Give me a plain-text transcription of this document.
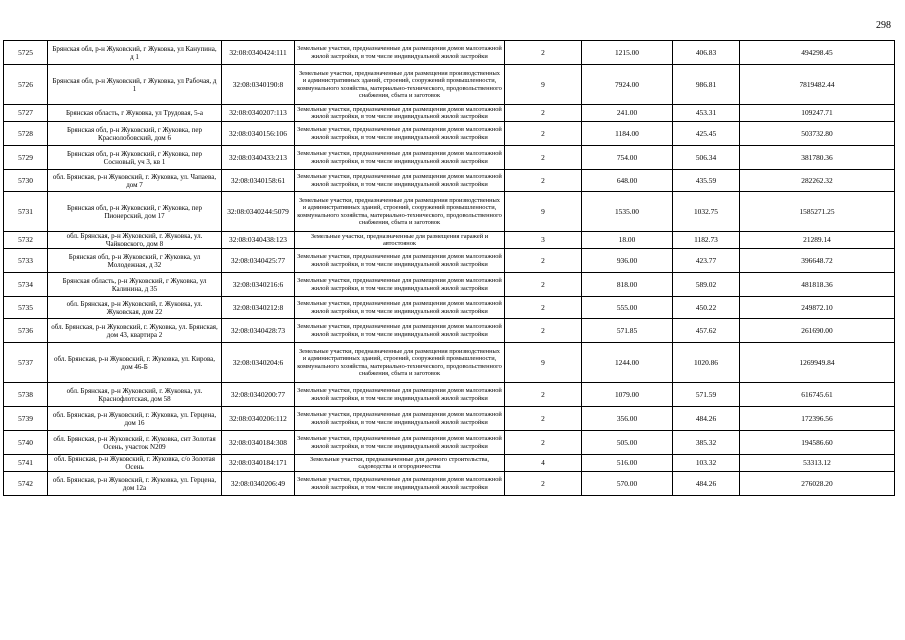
298
5725	Брянская обл, р-н Жуковский, г Жуковка, ул Канупина, д 1	32:08:0340424:111	Земельные участки, предназначенные для размещения домов малоэтажной жилой застройки, в том числе индивидуальной жилой застройки	2	1215.00	406.83	494298.45
5726	Брянская обл, р-н Жуковский, г Жуковка, ул Рабочая, д 1	32:08:0340190:8	Земельные участки, предназначенные для размещения производственных и административных зданий, строений, сооружений промышленности, коммунального хозяйства, материально-технического, продовольственного снабжения, сбыта и заготовок	9	7924.00	986.81	7819482.44
5727	Брянская область, г Жуковка, ул Трудовая, 5-а	32:08:0340207:113	Земельные участки, предназначенные для размещения домов малоэтажной жилой застройки, в том числе индивидуальной жилой застройки	2	241.00	453.31	109247.71
5728	Брянская обл, р-н Жуковский, г Жуковка, пер Краснолобовский, дом 6	32:08:0340156:106	Земельные участки, предназначенные для размещения домов малоэтажной жилой застройки, в том числе индивидуальной жилой застройки	2	1184.00	425.45	503732.80
5729	Брянская обл, р-н Жуковский, г Жуковка, пер Сосновый, уч 3, кв 1	32:08:0340433:213	Земельные участки, предназначенные для размещения домов малоэтажной жилой застройки, в том числе индивидуальной жилой застройки	2	754.00	506.34	381780.36
5730	обл. Брянская, р-н Жуковский, г. Жуковка, ул. Чапаева, дом 7	32:08:0340158:61	Земельные участки, предназначенные для размещения домов малоэтажной жилой застройки, в том числе индивидуальной жилой застройки	2	648.00	435.59	282262.32
5731	Брянская обл, р-н Жуковский, г Жуковка, пер Пионерский, дом 17	32:08:0340244:5079	Земельные участки, предназначенные для размещения производственных и административных зданий, строений, сооружений промышленности, коммунального хозяйства, материально-технического, продовольственного снабжения, сбыта и заготовок	9	1535.00	1032.75	1585271.25
5732	обл. Брянская, р-н Жуковский, г. Жуковка, ул. Чайковского, дом 8	32:08:0340438:123	Земельные участки, предназначенные для размещения гаражей и автостоянок	3	18.00	1182.73	21289.14
5733	Брянская обл, р-н Жуковский, г Жуковка, ул Молодежная, д 32	32:08:0340425:77	Земельные участки, предназначенные для размещения домов малоэтажной жилой застройки, в том числе индивидуальной жилой застройки	2	936.00	423.77	396648.72
5734	Брянская область, р-н Жуковский, г Жуковка, ул Калинина, д 35	32:08:0340216:6	Земельные участки, предназначенные для размещения домов малоэтажной жилой застройки, в том числе индивидуальной жилой застройки	2	818.00	589.02	481818.36
5735	обл. Брянская, р-н Жуковский, г. Жуковка, ул. Жуковская, дом 22	32:08:0340212:8	Земельные участки, предназначенные для размещения домов малоэтажной жилой застройки, в том числе индивидуальной жилой застройки	2	555.00	450.22	249872.10
5736	обл. Брянская, р-н Жуковский, г. Жуковка, ул. Брянская, дом 43, квартира 2	32:08:0340428:73	Земельные участки, предназначенные для размещения домов малоэтажной жилой застройки, в том числе индивидуальной жилой застройки	2	571.85	457.62	261690.00
5737	обл. Брянская, р-н Жуковский, г. Жуковка, ул. Кирова, дом 46-Б	32:08:0340204:6	Земельные участки, предназначенные для размещения производственных и административных зданий, строений, сооружений промышленности, коммунального хозяйства, материально-технического, продовольственного снабжения, сбыта и заготовок	9	1244.00	1020.86	1269949.84
5738	обл. Брянская, р-н Жуковский, г. Жуковка, ул. Краснофлотская, дом 58	32:08:0340200:77	Земельные участки, предназначенные для размещения домов малоэтажной жилой застройки, в том числе индивидуальной жилой застройки	2	1079.00	571.59	616745.61
5739	обл. Брянская, р-н Жуковский, г. Жуковка, ул. Герцена, дом 16	32:08:0340206:112	Земельные участки, предназначенные для размещения домов малоэтажной жилой застройки, в том числе индивидуальной жилой застройки	2	356.00	484.26	172396.56
5740	обл. Брянская, р-н Жуковский, г. Жуковка, снт Золотая Осень, участок N209	32:08:0340184:308	Земельные участки, предназначенные для размещения домов малоэтажной жилой застройки, в том числе индивидуальной жилой застройки	2	505.00	385.32	194586.60
5741	обл. Брянская, р-н Жуковский, г. Жуковка, с/о Золотая Осень	32:08:0340184:171	Земельные участки, предназначенные для дачного строительства, садоводства и огородничества	4	516.00	103.32	53313.12
5742	обл. Брянская, р-н Жуковский, г. Жуковка, ул. Герцена, дом 12а	32:08:0340206:49	Земельные участки, предназначенные для размещения домов малоэтажной жилой застройки, в том числе индивидуальной жилой застройки	2	570.00	484.26	276028.20
